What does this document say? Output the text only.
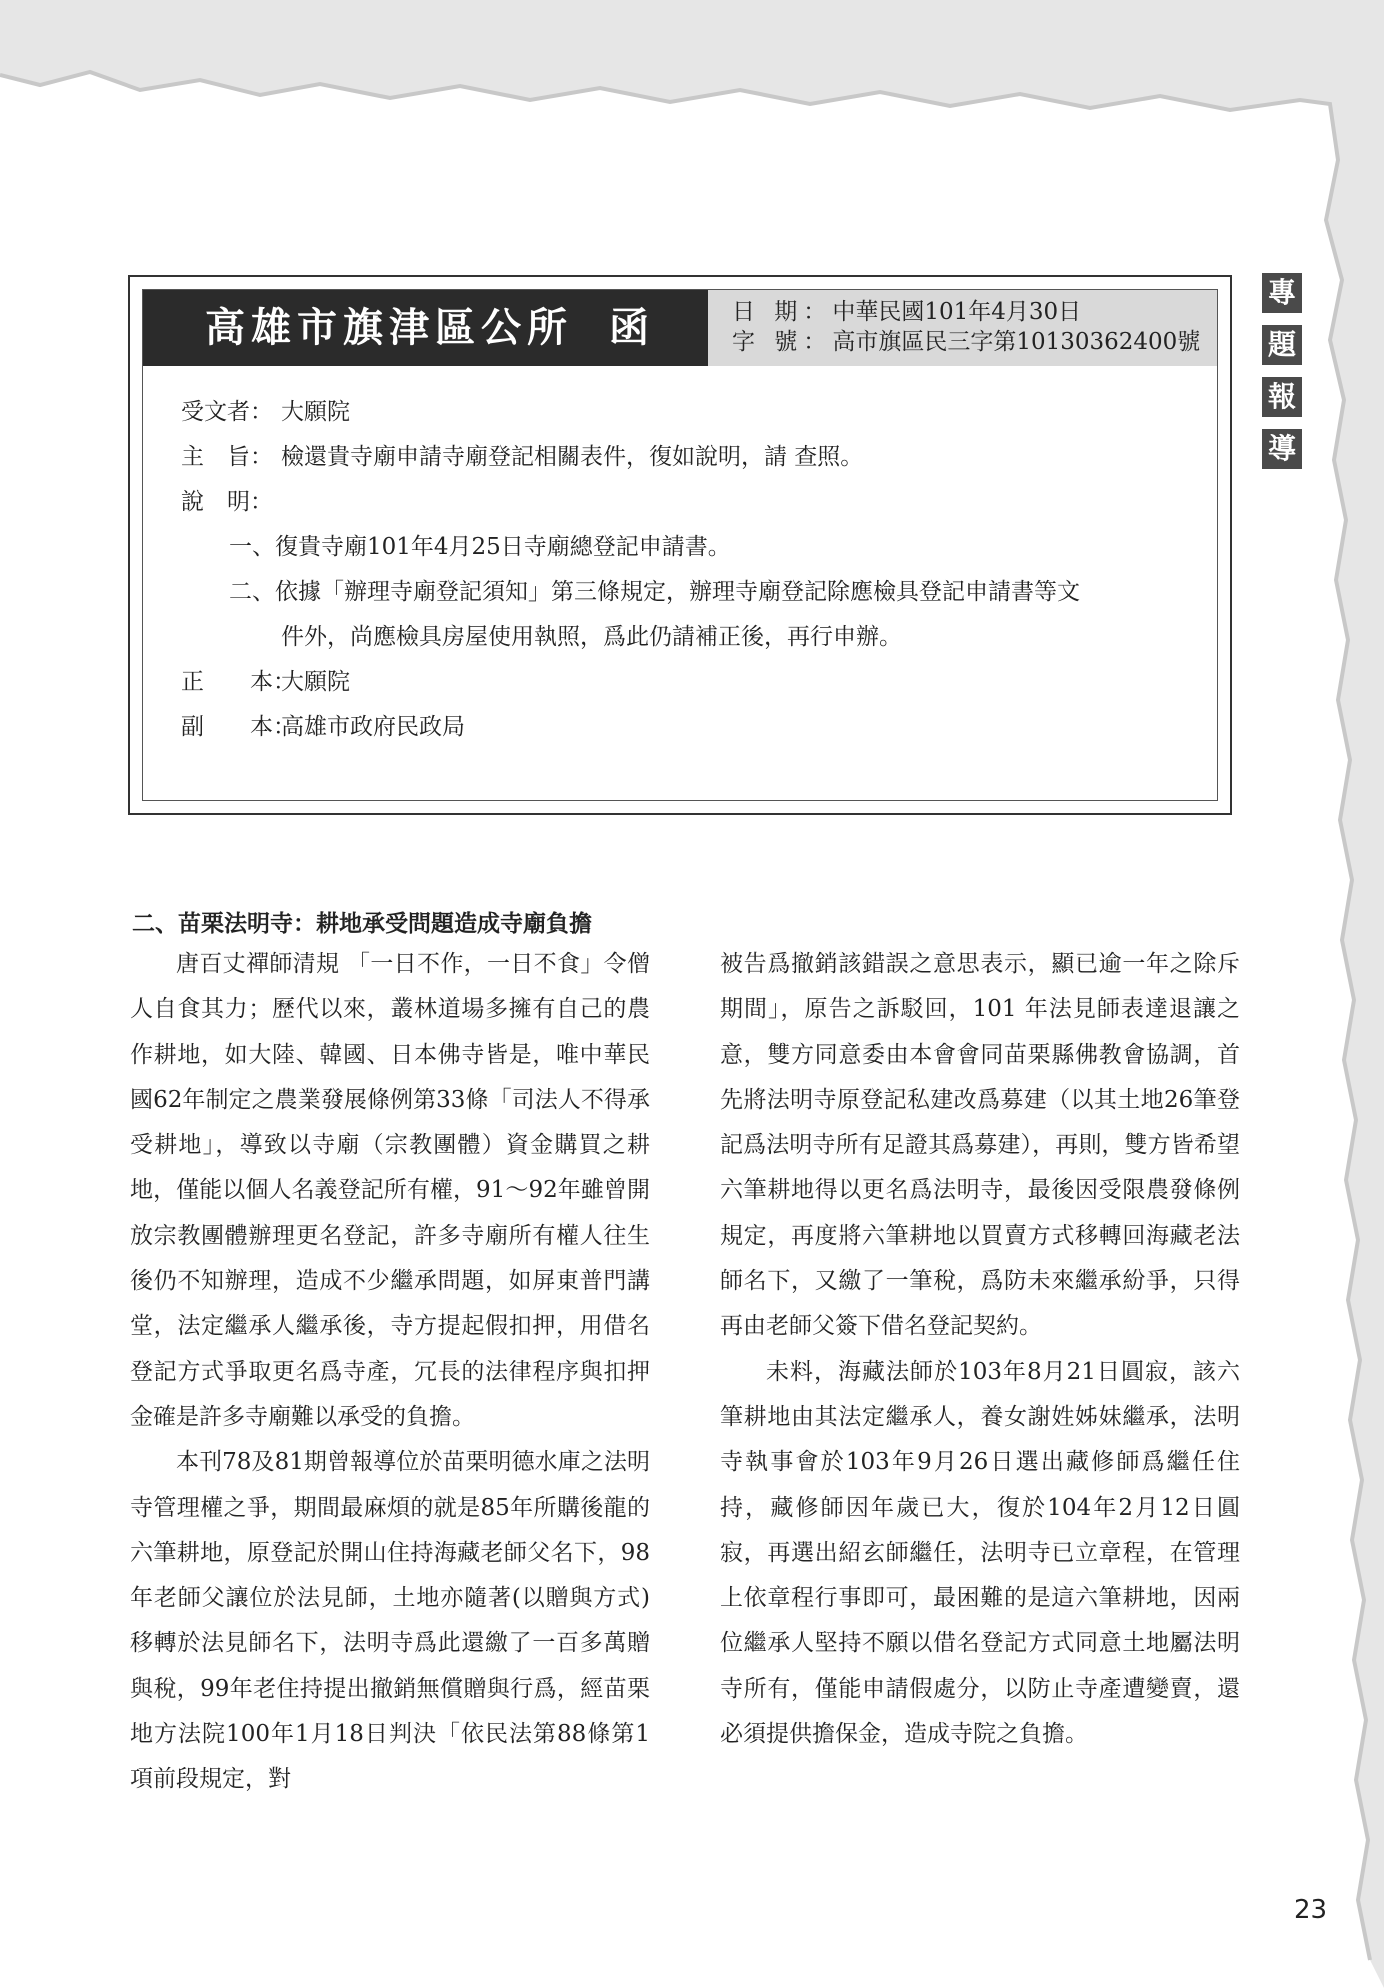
專
題
報
導
高雄市旗津區公所 函	日 期：中華民國101年4月30日
字 號：高市旗區民三字第10130362400號
受文者： 大願院
主　旨： 檢還貴寺廟申請寺廟登記相關表件，復如說明，請 查照。
說　明：
一、復貴寺廟101年4月25日寺廟總登記申請書。
二、依據「辦理寺廟登記須知」第三條規定，辦理寺廟登記除應檢具登記申請書等文
件外，尚應檢具房屋使用執照，爲此仍請補正後，再行申辦。
正　　本：大願院
副　　本：高雄市政府民政局
二、苗栗法明寺：耕地承受問題造成寺廟負擔

唐百丈禪師清規 「一日不作，一日不食」令僧人自食其力；歷代以來，叢林道場多擁有自己的農作耕地，如大陸、韓國、日本佛寺皆是，唯中華民國62年制定之農業發展條例第33條「司法人不得承受耕地」，導致以寺廟（宗教團體）資金購買之耕地，僅能以個人名義登記所有權，91～92年雖曾開放宗教團體辦理更名登記，許多寺廟所有權人往生後仍不知辦理，造成不少繼承問題，如屏東普門講堂，法定繼承人繼承後，寺方提起假扣押，用借名登記方式爭取更名爲寺產，冗長的法律程序與扣押金確是許多寺廟難以承受的負擔。

本刊78及81期曾報導位於苗栗明德水庫之法明寺管理權之爭，期間最麻煩的就是85年所購後龍的六筆耕地，原登記於開山住持海藏老師父名下，98年老師父讓位於法見師，土地亦隨著(以贈與方式)移轉於法見師名下，法明寺爲此還繳了一百多萬贈與稅，99年老住持提出撤銷無償贈與行爲，經苗栗地方法院100年1月18日判決「依民法第88條第1 項前段規定，對

被告爲撤銷該錯誤之意思表示，顯已逾一年之除斥期間」，原告之訴駁回，101 年法見師表達退讓之意，雙方同意委由本會會同苗栗縣佛教會協調，首先將法明寺原登記私建改爲募建（以其土地26筆登記爲法明寺所有足證其爲募建），再則，雙方皆希望六筆耕地得以更名爲法明寺，最後因受限農發條例規定，再度將六筆耕地以買賣方式移轉回海藏老法師名下，又繳了一筆稅，爲防未來繼承紛爭，只得再由老師父簽下借名登記契約。

未料，海藏法師於103年8月21日圓寂，該六筆耕地由其法定繼承人，養女謝姓姊妹繼承，法明寺執事會於103年9月26日選出藏修師爲繼任住持，藏修師因年歲已大，復於104年2月12日圓寂，再選出紹玄師繼任，法明寺已立章程，在管理上依章程行事即可，最困難的是這六筆耕地，因兩位繼承人堅持不願以借名登記方式同意土地屬法明寺所有，僅能申請假處分，以防止寺產遭變賣，還必須提供擔保金，造成寺院之負擔。

23
